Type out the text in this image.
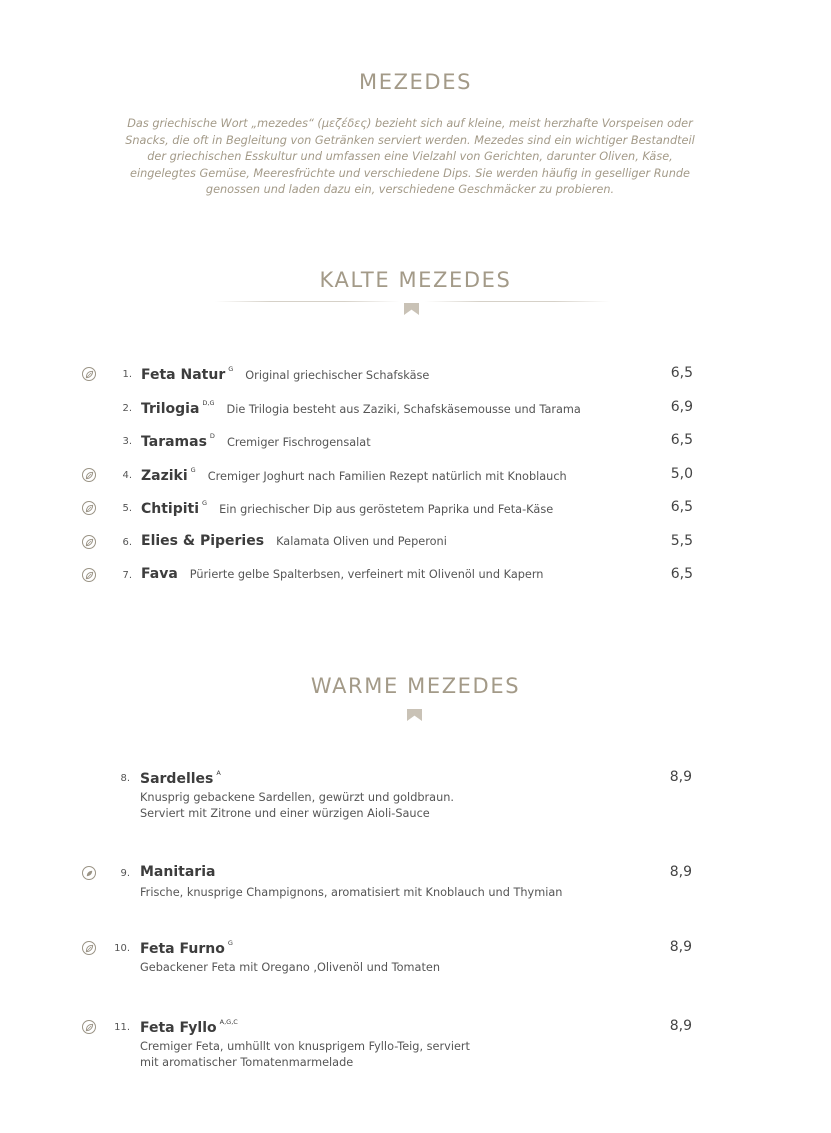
MEZEDES
Das griechische Wort „mezedes“ (μεζέδες) bezieht sich auf kleine, meist herzhafte Vorspeisen oder Snacks, die oft in Begleitung von Getränken serviert werden. Mezedes sind ein wichtiger Bestandteil der griechischen Esskultur und umfassen eine Vielzahl von Gerichten, darunter Oliven, Käse, eingelegtes Gemüse, Meeresfrüchte und verschiedene Dips. Sie werden häufig in geselliger Runde genossen und laden dazu ein, verschiedene Geschmäcker zu probieren.
KALTE MEZEDES
1. Feta Natur $^G$ Original griechischer Schafskäse	6,5
2. Trilogia $^{D,G}$ Die Trilogia besteht aus Zaziki, Schafskäsemousse und Tarama	6,9
3. Taramas $^D$ Cremiger Fischrogensalat	6,5
4. Zaziki $^G$ Cremiger Joghurt nach Familien Rezept natürlich mit Knoblauch	5,0
5. Chtipiti $^G$ Ein griechischer Dip aus geröstetem Paprika und Feta-Käse	6,5
6. Elies & Piperies Kalamata Oliven und Peperoni	5,5
7. Fava Pürierte gelbe Spalterbsen, verfeinert mit Olivenöl und Kapern	6,5
WARME MEZEDES
8. Sardelles $^A$
Knusprig gebackene Sardellen, gewürzt und goldbraun.
Serviert mit Zitrone und einer würzigen Aioli-Sauce
8,9
9. Manitaria
Frische, knusprige Champignons, aromatisiert mit Knoblauch und Thymian
8,9
10. Feta Furno $^G$
Gebackener Feta mit Oregano ,Olivenöl und Tomaten
8,9
11. Feta Fyllo $^{A,G,C}$
Cremiger Feta, umhüllt von knusprigem Fyllo-Teig, serviert
mit aromatischer Tomatenmarmelade
8,9
